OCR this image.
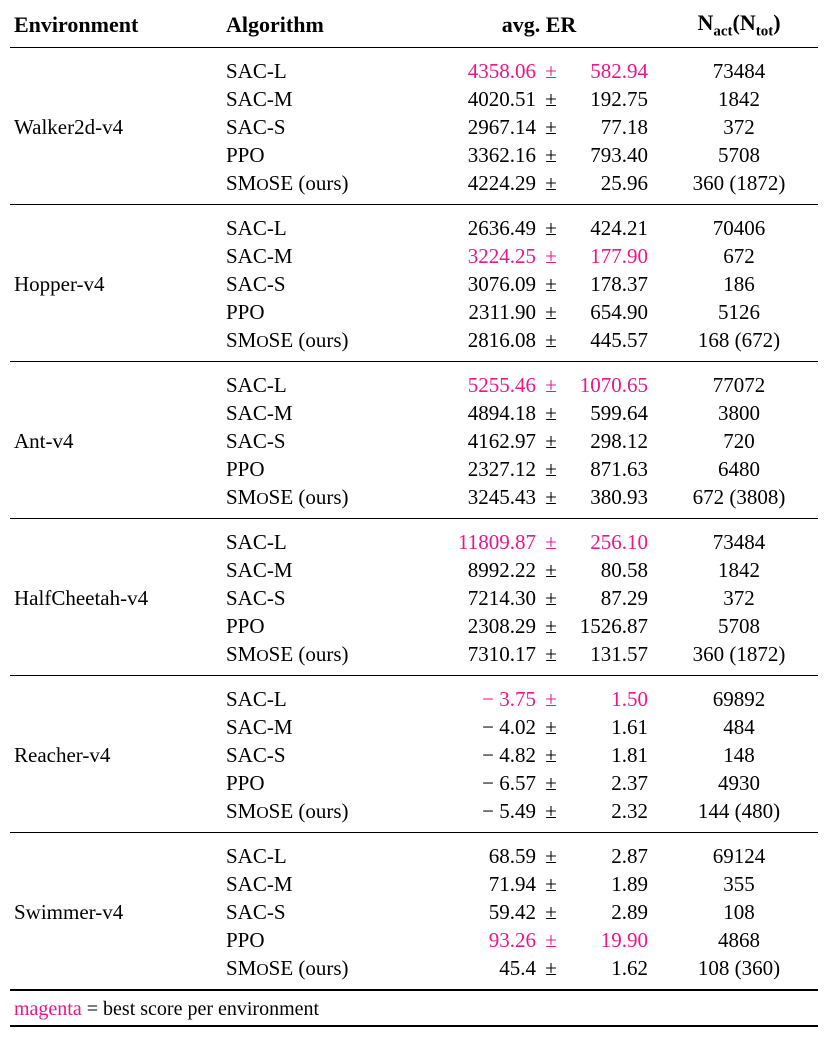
Environment	Algorithm	avg. ER			$N_{act}(N_{tot})$

Walker2d-v4	SAC-L	4358.06	±	582.94	73484
	SAC-M	4020.51	±	192.75	1842
	SAC-S	2967.14	±	77.18	372
	PPO	3362.16	±	793.40	5708
	SMOSE (ours)	4224.29	±	25.96	360 (1872)

Hopper-v4	SAC-L	2636.49	±	424.21	70406
	SAC-M	3224.25	±	177.90	672
	SAC-S	3076.09	±	178.37	186
	PPO	2311.90	±	654.90	5126
	SMOSE (ours)	2816.08	±	445.57	168 (672)

Ant-v4	SAC-L	5255.46	±	1070.65	77072
	SAC-M	4894.18	±	599.64	3800
	SAC-S	4162.97	±	298.12	720
	PPO	2327.12	±	871.63	6480
	SMOSE (ours)	3245.43	±	380.93	672 (3808)

HalfCheetah-v4	SAC-L	11809.87	±	256.10	73484
	SAC-M	8992.22	±	80.58	1842
	SAC-S	7214.30	±	87.29	372
	PPO	2308.29	±	1526.87	5708
	SMOSE (ours)	7310.17	±	131.57	360 (1872)

Reacher-v4	SAC-L	− 3.75	±	1.50	69892
	SAC-M	− 4.02	±	1.61	484
	SAC-S	− 4.82	±	1.81	148
	PPO	− 6.57	±	2.37	4930
	SMOSE (ours)	− 5.49	±	2.32	144 (480)

Swimmer-v4	SAC-L	68.59	±	2.87	69124
	SAC-M	71.94	±	1.89	355
	SAC-S	59.42	±	2.89	108
	PPO	93.26	±	19.90	4868
	SMOSE (ours)	45.4	±	1.62	108 (360)

magenta = best score per environment					
